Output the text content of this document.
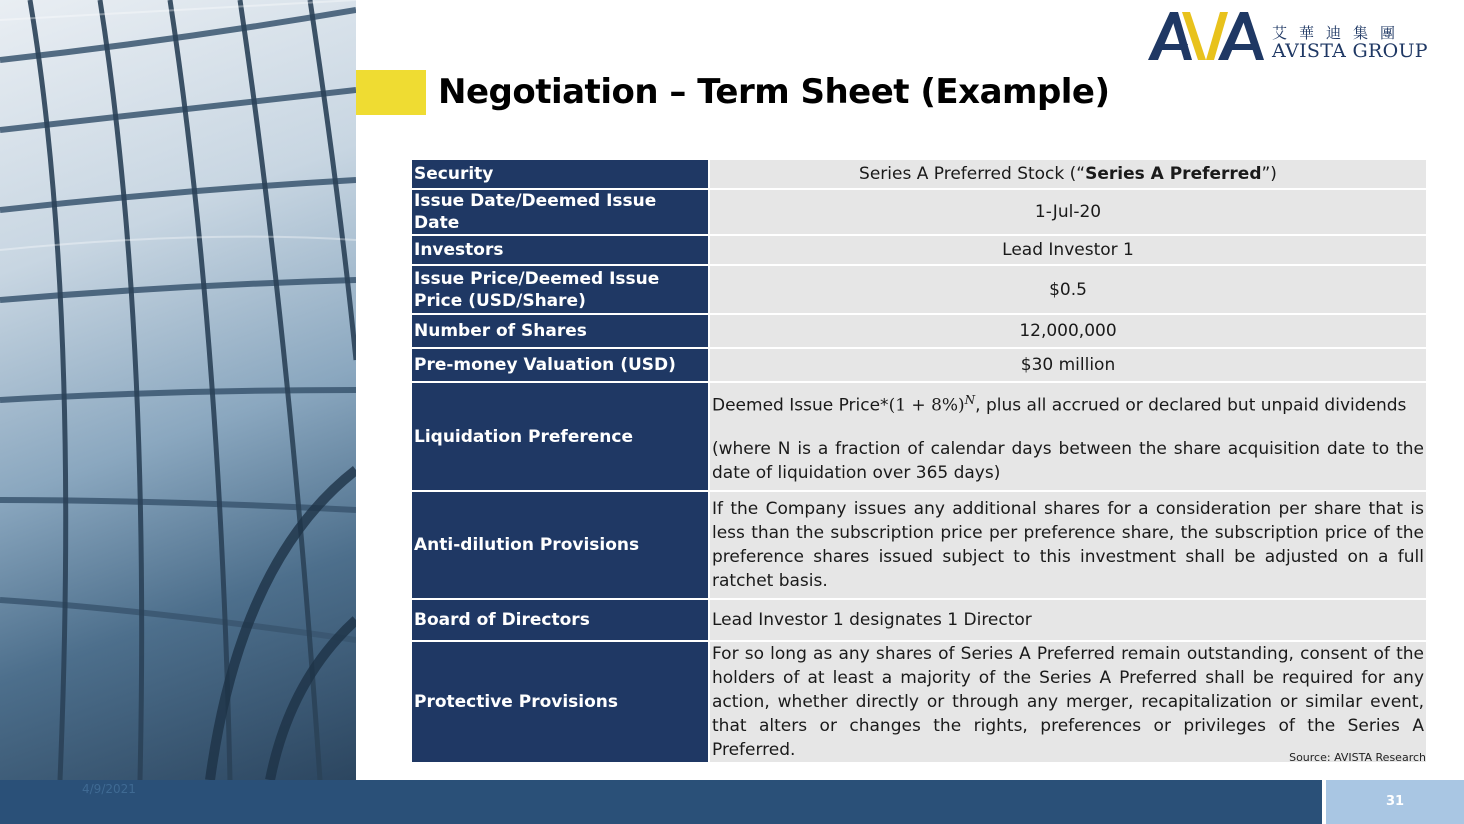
Negotiation – Term Sheet (Example)
艾華迪集團
AVISTA GROUP
Security	Series A Preferred Stock (“Series A Preferred”)
Issue Date/Deemed Issue Date	1-Jul-20
Investors	Lead Investor 1
Issue Price/Deemed Issue Price (USD/Share)	$0.5
Number of Shares	12,000,000
Pre-money Valuation (USD)	$30 million
Liquidation Preference	Deemed Issue Price*(1 + 8%)$^N$, plus all accrued or declared but unpaid dividends
(where N is a fraction of calendar days between the share acquisition date to the date of liquidation over 365 days)
Anti-dilution Provisions	If the Company issues any additional shares for a consideration per share that is less than the subscription price per preference share, the subscription price of the preference shares issued subject to this investment shall be adjusted on a full ratchet basis.
Board of Directors	Lead Investor 1 designates 1 Director
Protective Provisions	For so long as any shares of Series A Preferred remain outstanding, consent of the holders of at least a majority of the Series A Preferred shall be required for any action, whether directly or through any merger, recapitalization or similar event, that alters or changes the rights, preferences or privileges of the Series A Preferred.	Source: AVISTA Research
4/9/2021
31
